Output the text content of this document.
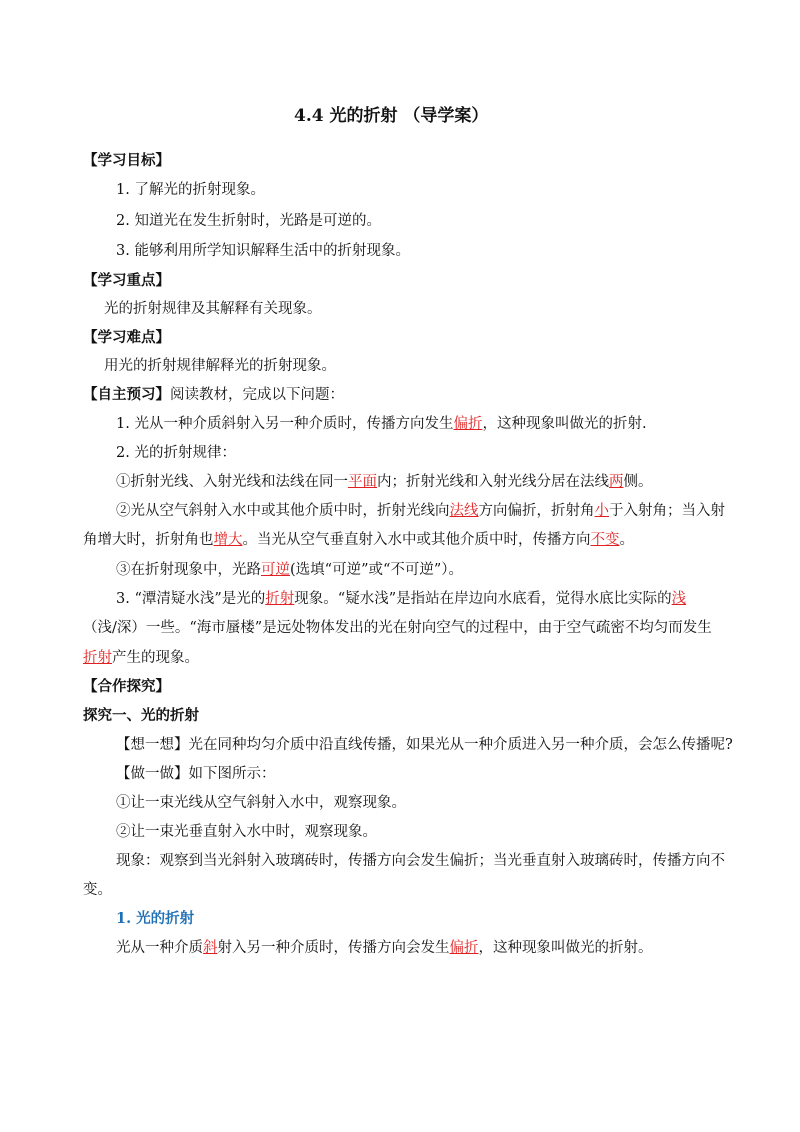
4.4 光的折射 （导学案）
【学习目标】
1. 了解光的折射现象。
2. 知道光在发生折射时，光路是可逆的。
3. 能够利用所学知识解释生活中的折射现象。
【学习重点】
光的折射规律及其解释有关现象。
【学习难点】
用光的折射规律解释光的折射现象。
【自主预习】阅读教材，完成以下问题：
1. 光从一种介质斜射入另一种介质时，传播方向发生偏折，这种现象叫做光的折射.
2. 光的折射规律：
①折射光线、入射光线和法线在同一平面内；折射光线和入射光线分居在法线两侧。
②光从空气斜射入水中或其他介质中时，折射光线向法线方向偏折，折射角小于入射角；当入射
角增大时，折射角也增大。当光从空气垂直射入水中或其他介质中时，传播方向不变。
③在折射现象中，光路可逆(选填“可逆”或“不可逆”）。
3. “潭清疑水浅”是光的折射现象。“疑水浅”是指站在岸边向水底看，觉得水底比实际的浅
（浅/深）一些。“海市蜃楼”是远处物体发出的光在射向空气的过程中，由于空气疏密不均匀而发生
折射产生的现象。
【合作探究】
探究一、光的折射
【想一想】光在同种均匀介质中沿直线传播，如果光从一种介质进入另一种介质，会怎么传播呢?
【做一做】如下图所示：
①让一束光线从空气斜射入水中，观察现象。
②让一束光垂直射入水中时，观察现象。
现象：观察到当光斜射入玻璃砖时，传播方向会发生偏折；当光垂直射入玻璃砖时，传播方向不
变。
1. 光的折射
光从一种介质斜射入另一种介质时，传播方向会发生偏折，这种现象叫做光的折射。
